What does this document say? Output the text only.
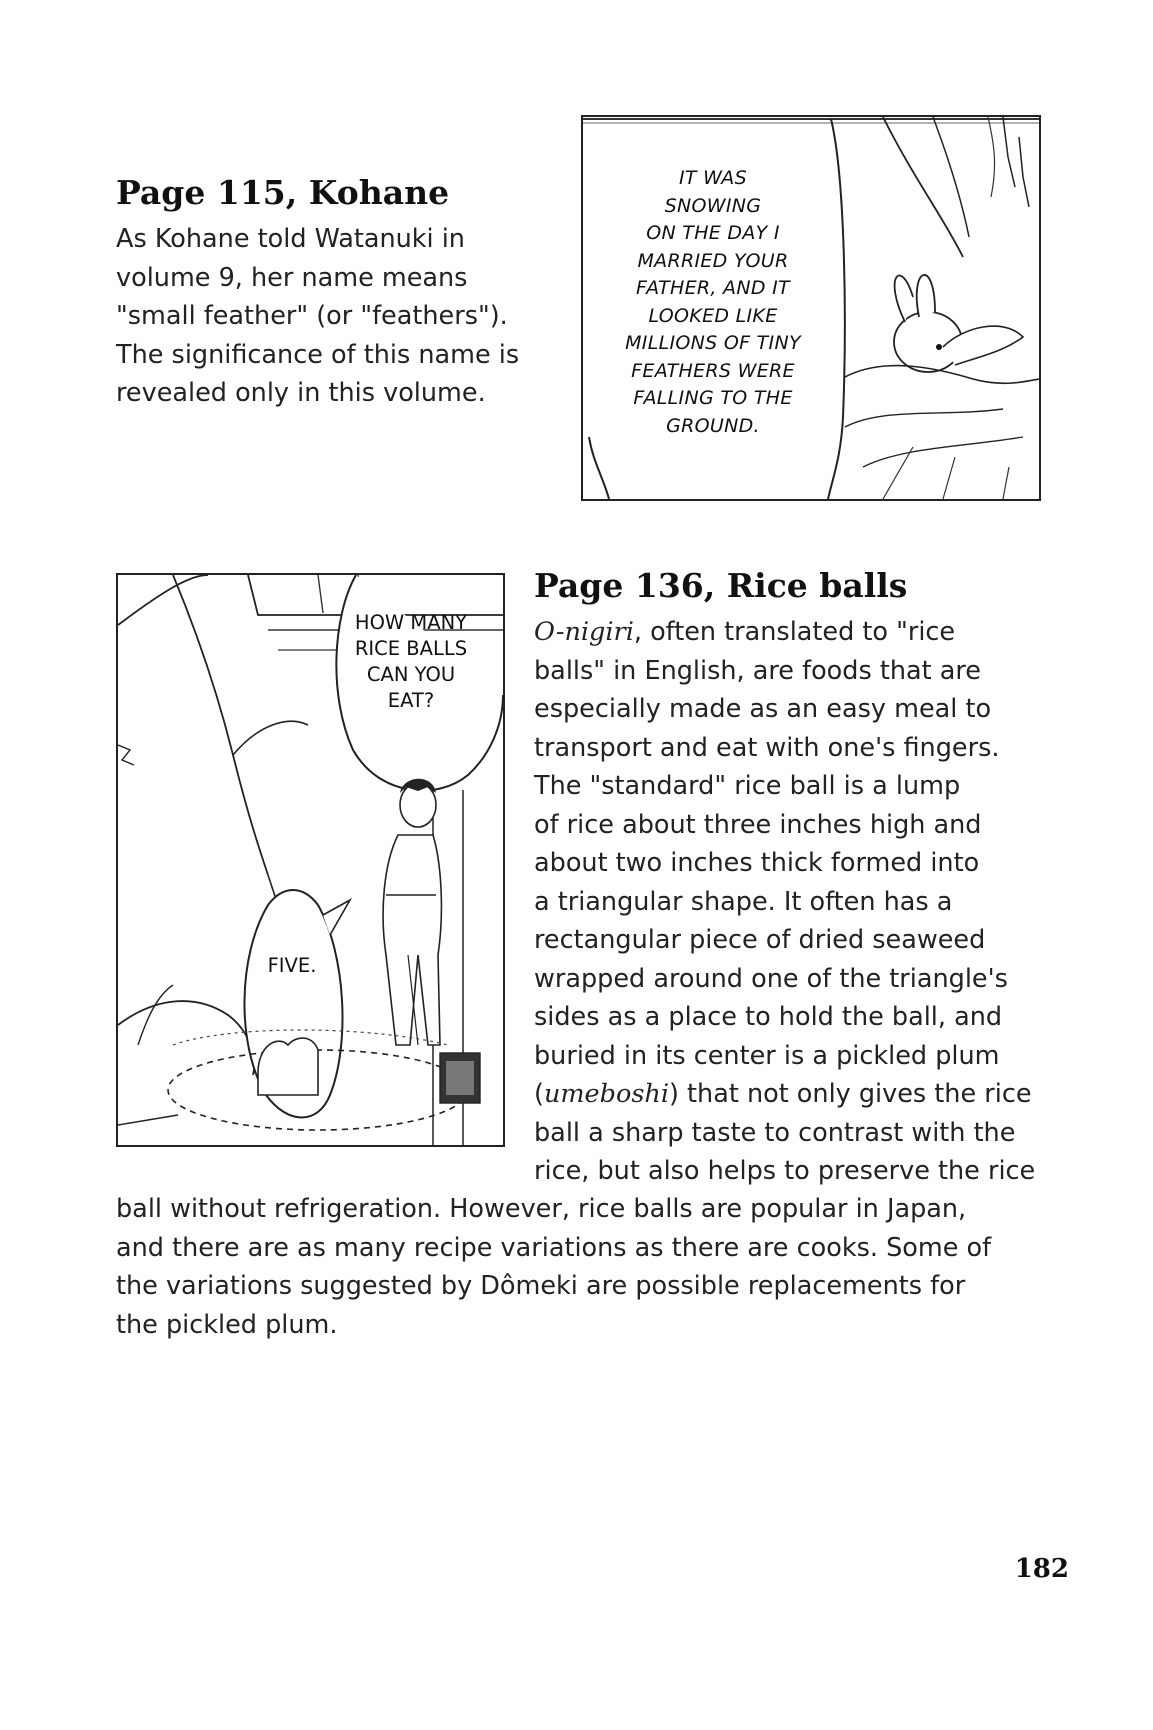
Page 115, Kohane
As Kohane told Watanuki in
volume 9, her name means
"small feather" (or "feathers").
The significance of this name is
revealed only in this volume.
IT WAS
SNOWING
ON THE DAY I
MARRIED YOUR
FATHER, AND IT
LOOKED LIKE
MILLIONS OF TINY
FEATHERS WERE
FALLING TO THE
GROUND.
HOW MANY
RICE BALLS
CAN YOU
EAT?
FIVE.
Page 136, Rice balls
O-nigiri, often translated to "rice
balls" in English, are foods that are
especially made as an easy meal to
transport and eat with one's fingers.
The "standard" rice ball is a lump
of rice about three inches high and
about two inches thick formed into
a triangular shape. It often has a
rectangular piece of dried seaweed
wrapped around one of the triangle's
sides as a place to hold the ball, and
buried in its center is a pickled plum
(umeboshi) that not only gives the rice
ball a sharp taste to contrast with the
rice, but also helps to preserve the rice
ball without refrigeration. However, rice balls are popular in Japan,
and there are as many recipe variations as there are cooks. Some of
the variations suggested by Dômeki are possible replacements for
the pickled plum.
182
